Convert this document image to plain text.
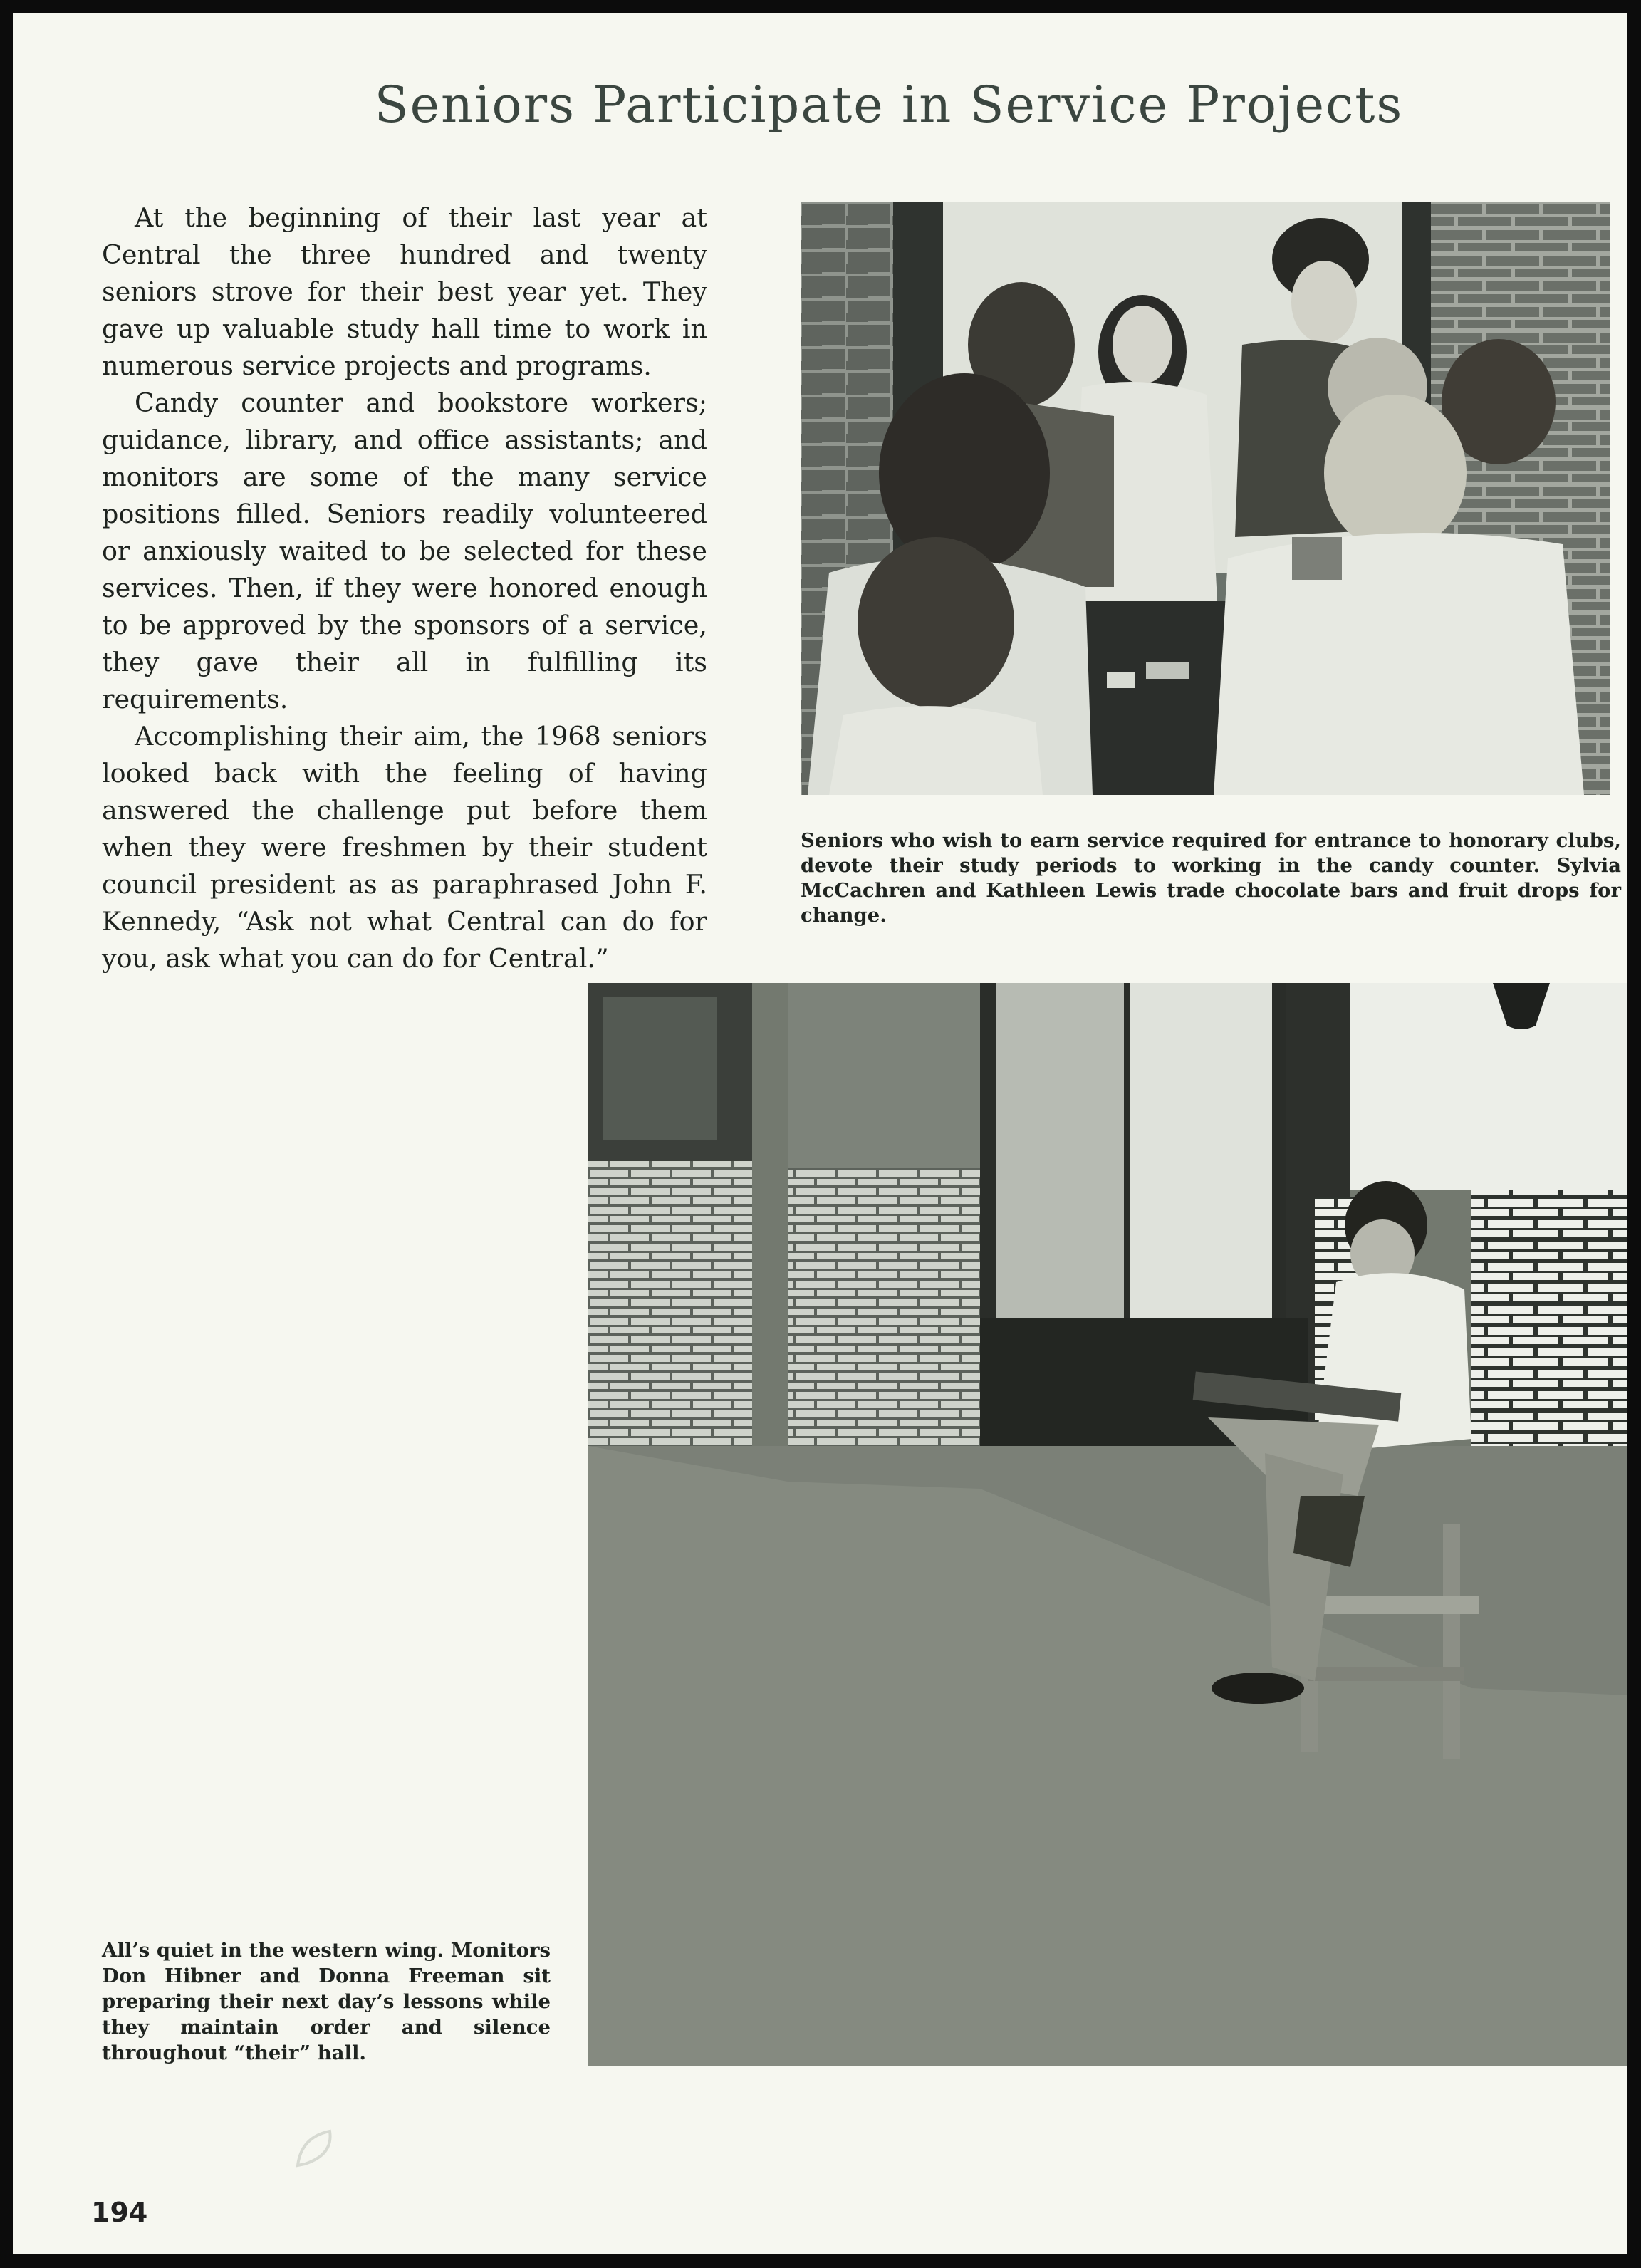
Seniors Participate in Service Projects

At the beginning of their last year at Central the three hundred and twenty seniors strove for their best year yet. They gave up valuable study hall time to work in numerous service projects and programs.

Candy counter and bookstore workers; guidance, library, and office assistants; and monitors are some of the many service positions filled. Seniors readily volunteered or anxiously waited to be selected for these services. Then, if they were honored enough to be approved by the sponsors of a service, they gave their all in fulfilling its requirements.

Accomplishing their aim, the 1968 seniors looked back with the feeling of having answered the challenge put before them when they were freshmen by their student council president as as paraphrased John F. Kennedy, “Ask not what Central can do for you, ask what you can do for Central.”

Seniors who wish to earn service required for entrance to honorary clubs, devote their study periods to working in the candy counter. Sylvia McCachren and Kathleen Lewis trade chocolate bars and fruit drops for change.
All’s quiet in the western wing. Monitors Don Hibner and Donna Freeman sit preparing their next day’s lessons while they maintain order and silence throughout “their” hall.
194
